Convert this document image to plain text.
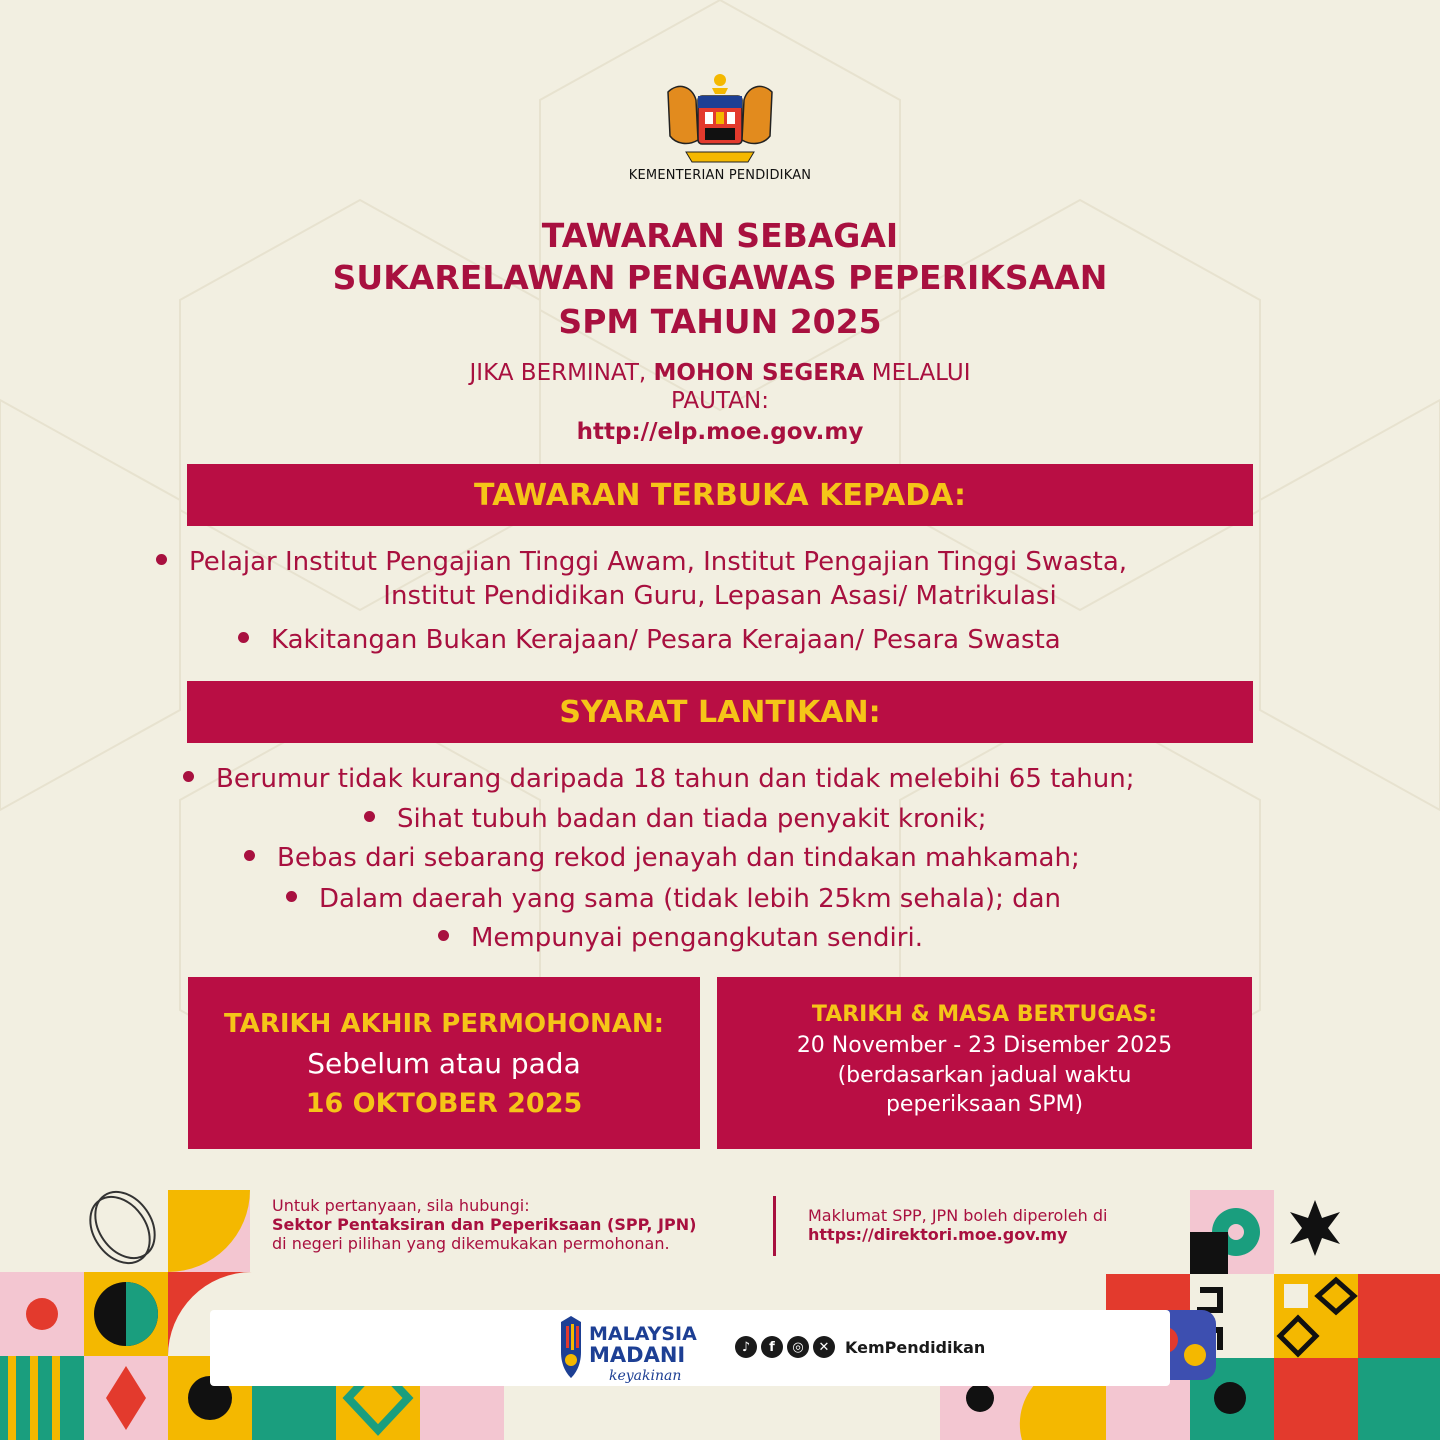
KEMENTERIAN PENDIDIKAN
TAWARAN SEBAGAI
SUKARELAWAN PENGAWAS PEPERIKSAAN
SPM TAHUN 2025
JIKA BERMINAT, MOHON SEGERA MELALUI
PAUTAN:
http://elp.moe.gov.my
TAWARAN TERBUKA KEPADA:
Pelajar Institut Pengajian Tinggi Awam, Institut Pengajian Tinggi Swasta,
Institut Pendidikan Guru, Lepasan Asasi/ Matrikulasi
Kakitangan Bukan Kerajaan/ Pesara Kerajaan/ Pesara Swasta
SYARAT LANTIKAN:
Berumur tidak kurang daripada 18 tahun dan tidak melebihi 65 tahun;
Sihat tubuh badan dan tiada penyakit kronik;
Bebas dari sebarang rekod jenayah dan tindakan mahkamah;
Dalam daerah yang sama (tidak lebih 25km sehala); dan
Mempunyai pengangkutan sendiri.
TARIKH AKHIR PERMOHONAN:
Sebelum atau pada
16 OKTOBER 2025
TARIKH & MASA BERTUGAS:
20 November - 23 Disember 2025
(berdasarkan jadual waktu
peperiksaan SPM)
Untuk pertanyaan, sila hubungi:
Sektor Pentaksiran dan Peperiksaan (SPP, JPN)
di negeri pilihan yang dikemukakan permohonan.
Maklumat SPP, JPN boleh diperoleh di
https://direktori.moe.gov.my
MALAYSIA
MADANI
keyakinan
♪	f	◎	✕ KemPendidikan
